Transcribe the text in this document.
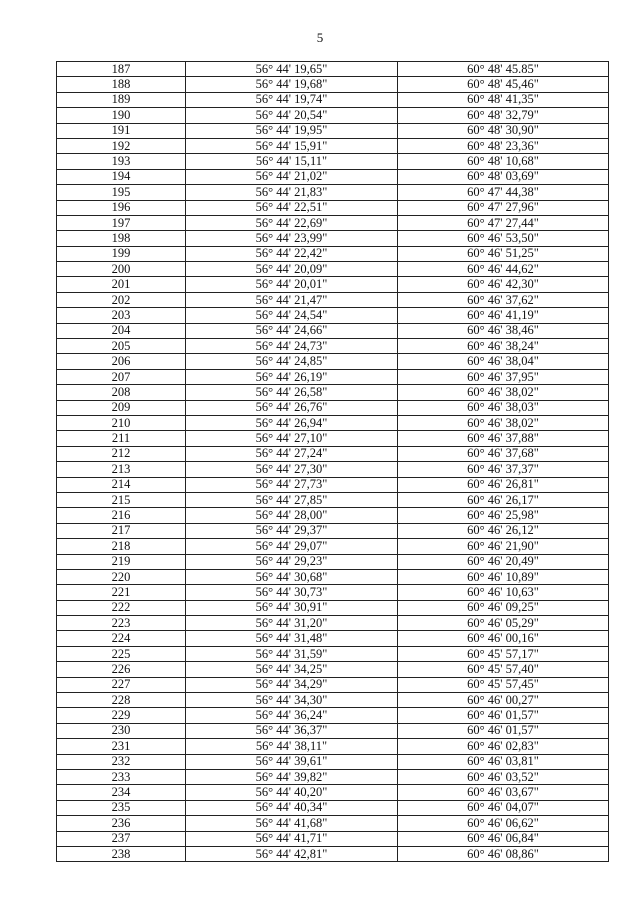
5
187	56° 44' 19,65"	60° 48' 45.85"
188	56° 44' 19,68"	60° 48' 45,46"
189	56° 44' 19,74"	60° 48' 41,35"
190	56° 44' 20,54"	60° 48' 32,79"
191	56° 44' 19,95"	60° 48' 30,90"
192	56° 44' 15,91"	60° 48' 23,36"
193	56° 44' 15,11"	60° 48' 10,68"
194	56° 44' 21,02"	60° 48' 03,69"
195	56° 44' 21,83"	60° 47' 44,38"
196	56° 44' 22,51"	60° 47' 27,96"
197	56° 44' 22,69"	60° 47' 27,44"
198	56° 44' 23,99"	60° 46' 53,50"
199	56° 44' 22,42"	60° 46' 51,25"
200	56° 44' 20,09"	60° 46' 44,62"
201	56° 44' 20,01"	60° 46' 42,30"
202	56° 44' 21,47"	60° 46' 37,62"
203	56° 44' 24,54"	60° 46' 41,19"
204	56° 44' 24,66"	60° 46' 38,46"
205	56° 44' 24,73"	60° 46' 38,24"
206	56° 44' 24,85"	60° 46' 38,04"
207	56° 44' 26,19"	60° 46' 37,95"
208	56° 44' 26,58"	60° 46' 38,02"
209	56° 44' 26,76"	60° 46' 38,03"
210	56° 44' 26,94"	60° 46' 38,02"
211	56° 44' 27,10"	60° 46' 37,88"
212	56° 44' 27,24"	60° 46' 37,68"
213	56° 44' 27,30"	60° 46' 37,37"
214	56° 44' 27,73"	60° 46' 26,81"
215	56° 44' 27,85"	60° 46' 26,17"
216	56° 44' 28,00"	60° 46' 25,98"
217	56° 44' 29,37"	60° 46' 26,12"
218	56° 44' 29,07"	60° 46' 21,90"
219	56° 44' 29,23"	60° 46' 20,49"
220	56° 44' 30,68"	60° 46' 10,89"
221	56° 44' 30,73"	60° 46' 10,63"
222	56° 44' 30,91"	60° 46' 09,25"
223	56° 44' 31,20"	60° 46' 05,29"
224	56° 44' 31,48"	60° 46' 00,16"
225	56° 44' 31,59"	60° 45' 57,17"
226	56° 44' 34,25"	60° 45' 57,40"
227	56° 44' 34,29"	60° 45' 57,45"
228	56° 44' 34,30"	60° 46' 00,27"
229	56° 44' 36,24"	60° 46' 01,57"
230	56° 44' 36,37"	60° 46' 01,57"
231	56° 44' 38,11"	60° 46' 02,83"
232	56° 44' 39,61"	60° 46' 03,81"
233	56° 44' 39,82"	60° 46' 03,52"
234	56° 44' 40,20"	60° 46' 03,67"
235	56° 44' 40,34"	60° 46' 04,07"
236	56° 44' 41,68"	60° 46' 06,62"
237	56° 44' 41,71"	60° 46' 06,84"
238	56° 44' 42,81"	60° 46' 08,86"
